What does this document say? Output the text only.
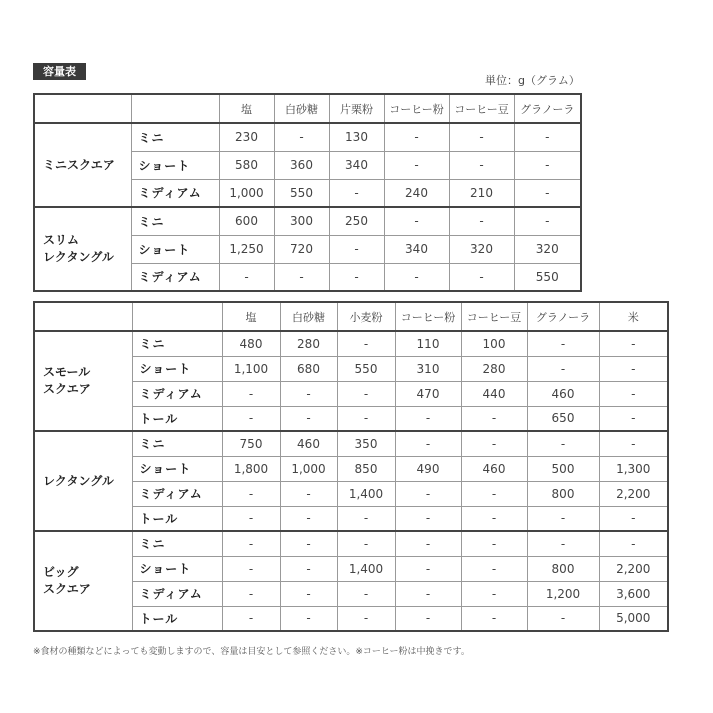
容量表
単位：g（グラム）
		塩	白砂糖	片栗粉	コーヒー粉	コーヒー豆	グラノーラ
ミニスクエア	ミニ	230	-	130	-	-	-
	ショート	580	360	340	-	-	-
	ミディアム	1,000	550	-	240	210	-
スリム
レクタングル	ミニ	600	300	250	-	-	-
	ショート	1,250	720	-	340	320	320
	ミディアム	-	-	-	-	-	550
		塩	白砂糖	小麦粉	コーヒー粉	コーヒー豆	グラノーラ	米
スモール
スクエア	ミニ	480	280	-	110	100	-	-
	ショート	1,100	680	550	310	280	-	-
	ミディアム	-	-	-	470	440	460	-
	トール	-	-	-	-	-	650	-
レクタングル	ミニ	750	460	350	-	-	-	-
	ショート	1,800	1,000	850	490	460	500	1,300
	ミディアム	-	-	1,400	-	-	800	2,200
	トール	-	-	-	-	-	-	-
ビッグ
スクエア	ミニ	-	-	-	-	-	-	-
	ショート	-	-	1,400	-	-	800	2,200
	ミディアム	-	-	-	-	-	1,200	3,600
	トール	-	-	-	-	-	-	5,000
※食材の種類などによっても変動しますので、容量は目安として参照ください。※コーヒー粉は中挽きです。
